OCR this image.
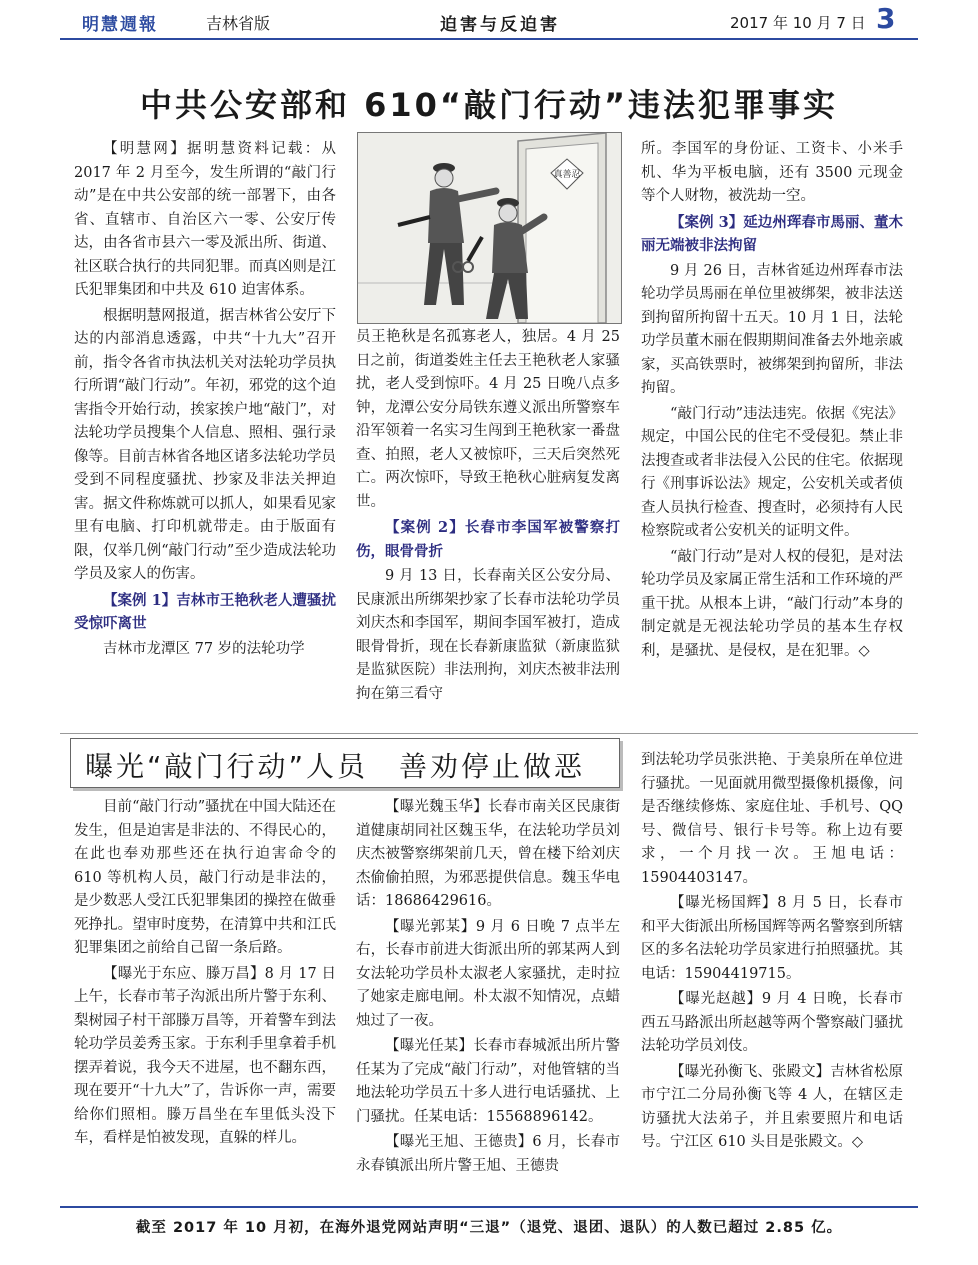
明慧週報	吉林省版	迫害与反迫害	2017 年 10 月 7 日 3
中共公安部和 610“敲门行动”违法犯罪事实

【明慧网】据明慧资料记载：从 2017 年 2 月至今，发生所谓的“敲门行动”是在中共公安部的统一部署下，由各省、直辖市、自治区六一零、公安厅传达，由各省市县六一零及派出所、街道、社区联合执行的共同犯罪。而真凶则是江氏犯罪集团和中共及 610 迫害体系。

根据明慧网报道，据吉林省公安厅下达的内部消息透露，中共“十九大”召开前，指令各省市执法机关对法轮功学员执行所谓“敲门行动”。年初，邪党的这个迫害指令开始行动，挨家挨户地“敲门”，对法轮功学员搜集个人信息、照相、强行录像等。目前吉林省各地区诸多法轮功学员受到不同程度骚扰、抄家及非法关押迫害。据文件称炼就可以抓人，如果看见家里有电脑、打印机就带走。由于版面有限，仅举几例“敲门行动”至少造成法轮功学员及家人的伤害。

【案例 1】吉林市王艳秋老人遭骚扰受惊吓离世

吉林市龙潭区 77 岁的法轮功学

真善忍

员王艳秋是名孤寡老人，独居。4 月 25 日之前，街道娄姓主任去王艳秋老人家骚扰，老人受到惊吓。4 月 25 日晚八点多钟，龙潭公安分局铁东遵义派出所警察车沿军领着一名实习生闯到王艳秋家一番盘查、拍照，老人又被惊吓，三天后突然死亡。两次惊吓，导致王艳秋心脏病复发离世。

【案例 2】长春市李国军被警察打伤，眼骨骨折

9 月 13 日，长春南关区公安分局、民康派出所绑架抄家了长春市法轮功学员刘庆杰和李国军，期间李国军被打，造成眼骨骨折，现在长春新康监狱（新康监狱是监狱医院）非法刑拘，刘庆杰被非法刑拘在第三看守

所。李国军的身份证、工资卡、小米手机、华为平板电脑，还有 3500 元现金等个人财物，被洗劫一空。

【案例 3】延边州珲春市馬丽、董木丽无端被非法拘留

9 月 26 日，吉林省延边州珲春市法轮功学员馬丽在单位里被绑架，被非法送到拘留所拘留十五天。10 月 1 日，法轮功学员董木丽在假期期间准备去外地亲戚家，买高铁票时，被绑架到拘留所，非法拘留。

“敲门行动”违法违宪。依据《宪法》规定，中国公民的住宅不受侵犯。禁止非法搜查或者非法侵入公民的住宅。依据现行《刑事诉讼法》规定，公安机关或者侦查人员执行检查、搜查时，必须持有人民检察院或者公安机关的证明文件。

“敲门行动”是对人权的侵犯，是对法轮功学员及家属正常生活和工作环境的严重干扰。从根本上讲，“敲门行动”本身的制定就是无视法轮功学员的基本生存权利，是骚扰、是侵权，是在犯罪。◇

曝光“敲门行动”人员　善劝停止做恶

目前“敲门行动”骚扰在中国大陆还在发生，但是迫害是非法的、不得民心的，在此也奉劝那些还在执行迫害命令的 610 等机构人员，敲门行动是非法的，是少数恶人受江氏犯罪集团的操控在做垂死挣扎。望审时度势，在清算中共和江氏犯罪集团之前给自己留一条后路。

【曝光于东应、滕万昌】8 月 17 日上午，长春市苇子沟派出所片警于东利、梨树园子村干部滕万昌等，开着警车到法轮功学员姜秀玉家。于东利手里拿着手机摆弄着说，我今天不进屋，也不翻东西，现在要开“十九大”了，告诉你一声，需要给你们照相。滕万昌坐在车里低头没下车，看样是怕被发现，直躲的样儿。

【曝光魏玉华】长春市南关区民康街道健康胡同社区魏玉华，在法轮功学员刘庆杰被警察绑架前几天，曾在楼下给刘庆杰偷偷拍照，为邪恶提供信息。魏玉华电话：18686429616。

【曝光郭某】9 月 6 日晚 7 点半左右，长春市前进大街派出所的郭某两人到女法轮功学员朴太淑老人家骚扰，走时拉了她家走廊电闸。朴太淑不知情况，点蜡烛过了一夜。

【曝光任某】长春市春城派出所片警任某为了完成“敲门行动”，对他管辖的当地法轮功学员五十多人进行电话骚扰、上门骚扰。任某电话：15568896142。

【曝光王旭、王德贵】6 月，长春市永春镇派出所片警王旭、王德贵

到法轮功学员张洪艳、于美泉所在单位进行骚扰。一见面就用微型摄像机摄像，问是否继续修炼、家庭住址、手机号、QQ 号、微信号、银行卡号等。称上边有要求，一个月找一次。王旭电话：15904403147。

【曝光杨国辉】8 月 5 日，长春市和平大街派出所杨国辉等两名警察到所辖区的多名法轮功学员家进行拍照骚扰。其电话：15904419715。

【曝光赵越】9 月 4 日晚，长春市西五马路派出所赵越等两个警察敲门骚扰法轮功学员刘伎。

【曝光孙衡飞、张殿文】吉林省松原市宁江二分局孙衡飞等 4 人，在辖区走访骚扰大法弟子，并且索要照片和电话号。宁江区 610 头目是张殿文。◇

截至 2017 年 10 月初，在海外退党网站声明“三退”（退党、退团、退队）的人数已超过 2.85 亿。
